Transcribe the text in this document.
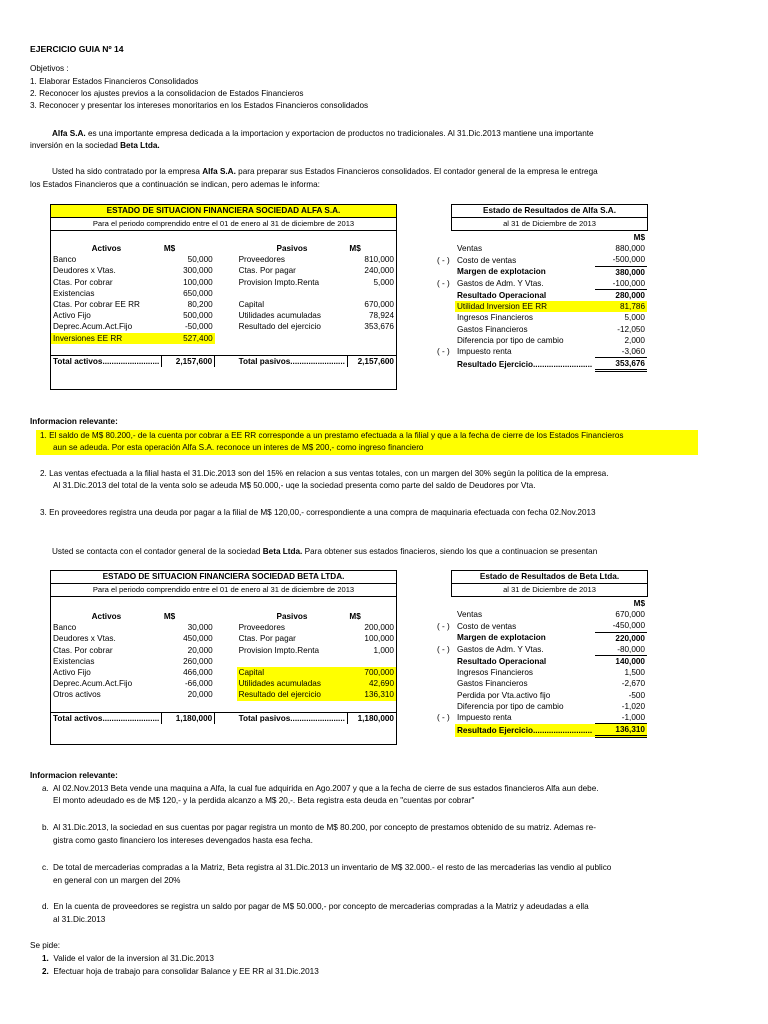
EJERCICIO GUIA Nº 14

Objetivos :

1. Elaborar Estados Financieros Consolidados

2. Reconocer los ajustes previos a la consolidacion de Estados Financieros

3. Reconocer y presentar los intereses monoritarios en los Estados Financieros consolidados

Alfa S.A. es una importante empresa dedicada a la importacion y exportacion de productos no tradicionales. Al 31.Dic.2013 mantiene una importante

inversión en la sociedad Beta Ltda.

Usted ha sido contratado por la empresa Alfa S.A. para preparar sus Estados Financieros consolidados. El contador general de la empresa le entrega

los Estados Financieros que a continuación se indican, pero ademas le informa:

ESTADO DE SITUACION FINANCIERA SOCIEDAD ALFA S.A.
Para el periodo comprendido entre el 01 de enero al 31 de diciembre de 2013
Activos	M$		Pasivos	M$
Banco	50,000		Proveedores	810,000
Deudores x Vtas.	300,000		Ctas. Por pagar	240,000
Ctas. Por cobrar	100,000		Provision Impto.Renta	5,000
Existencias	650,000			
Ctas. Por cobrar EE RR	80,200		Capital	670,000
Activo Fijo	500,000		Utilidades acumuladas	78,924
Deprec.Acum.Act.Fijo	-50,000		Resultado del ejercicio	353,676
Inversiones EE RR	527,400			

Total activos.........................	2,157,600		Total pasivos........................	2,157,600
Estado de Resultados de Alfa S.A.
al 31 de Diciembre de 2013
		M$
	Ventas	880,000
( - )	Costo de ventas	-500,000
	Margen de explotacion	380,000
( - )	Gastos de Adm. Y Vtas.	-100,000
	Resultado Operacional	280,000
	Utilidad Inversion EE RR	81,786
	Ingresos Financieros	5,000
	Gastos Financieros	-12,050
	Diferencia por tipo de cambio	2,000
( - )	Impuesto renta	-3,060
	Resultado Ejercicio..........................	353,676

Informacion relevante:

1. El saldo de M$ 80.200,- de la cuenta por cobrar a EE RR corresponde a un prestamo efectuada a la filial y que a la fecha de cierre de los Estados Financieros

aun se adeuda. Por esta operación Alfa S.A. reconoce un interes de M$ 200,- como ingreso financiero

2. Las ventas efectuada a la filial hasta el 31.Dic.2013 son del 15% en relacion a sus ventas totales, con un margen del 30% según la politica de la empresa.

Al 31.Dic.2013 del total de la venta solo se adeuda M$ 50.000,- uqe la sociedad presenta como parte del saldo de Deudores por Vta.

3. En proveedores registra una deuda por pagar a la filial de M$ 120,00,- correspondiente a una compra de maquinaria efectuada con fecha 02.Nov.2013

Usted se contacta con el contador general de la sociedad Beta Ltda. Para obtener sus estados finacieros, siendo los que a continuacion se presentan

ESTADO DE SITUACION FINANCIERA SOCIEDAD BETA LTDA.
Para el periodo comprendido entre el 01 de enero al 31 de diciembre de 2013
Activos	M$		Pasivos	M$
Banco	30,000		Proveedores	200,000
Deudores x Vtas.	450,000		Ctas. Por pagar	100,000
Ctas. Por cobrar	20,000		Provision Impto.Renta	1,000
Existencias	260,000			
Activo Fijo	466,000		Capital	700,000
Deprec.Acum.Act.Fijo	-66,000		Utilidades acumuladas	42,690
Otros activos	20,000		Resultado del ejercicio	136,310

Total activos.........................	1,180,000		Total pasivos........................	1,180,000
Estado de Resultados de Beta Ltda.
al 31 de Diciembre de 2013
		M$
	Ventas	670,000
( - )	Costo de ventas	-450,000
	Margen de explotacion	220,000
( - )	Gastos de Adm. Y Vtas.	-80,000
	Resultado Operacional	140,000
	Ingresos Financieros	1,500
	Gastos Financieros	-2,670
	Perdida por Vta.activo fijo	-500
	Diferencia por tipo de cambio	-1,020
( - )	Impuesto renta	-1,000
	Resultado Ejercicio..........................	136,310

Informacion relevante:

a. Al 02.Nov.2013 Beta vende una maquina a Alfa, la cual fue adquirida en Ago.2007 y que a la fecha de cierre de sus estados financieros Alfa aun debe.

El monto adeudado es de M$ 120,- y la perdida alcanzo a M$ 20,-. Beta registra esta deuda en "cuentas por cobrar"

b. Al 31.Dic.2013, la sociedad en sus cuentas por pagar registra un monto de M$ 80.200, por concepto de prestamos obtenido de su matriz. Ademas re-

gistra como gasto financiero los intereses devengados hasta esa fecha.

c. De total de mercaderias compradas a la Matriz, Beta registra al 31.Dic.2013 un inventario de M$ 32.000.- el resto de las mercaderias las vendio al publico

en general con un margen del 20%

d. En la cuenta de proveedores se registra un saldo por pagar de M$ 50.000,- por concepto de mercaderias compradas a la Matriz y adeudadas a ella

al 31.Dic.2013

Se pide:

1. Valide el valor de la inversion al 31.Dic.2013

2. Efectuar hoja de trabajo para consolidar Balance y EE RR al 31.Dic.2013
